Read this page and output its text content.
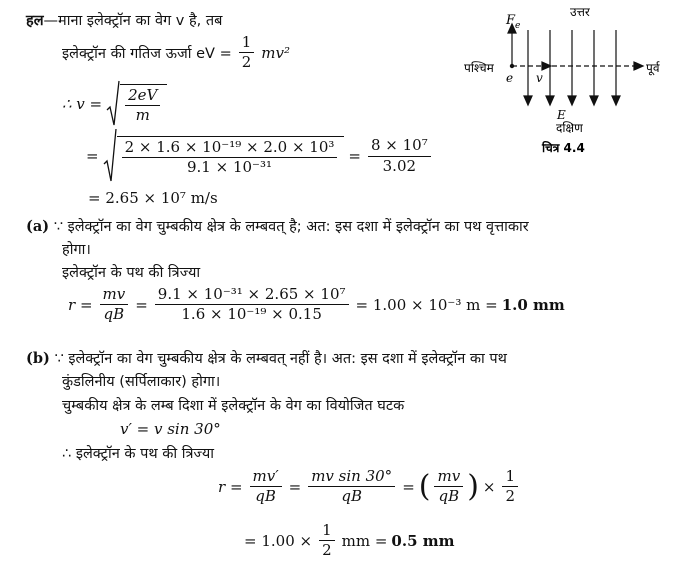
हल—माना इलेक्ट्रॉन का वेग v है, तब
इलेक्ट्रॉन की गतिज ऊर्जा eV = $\frac{1}{2} mv^2$
∴ $v = \frac{2eV}{m}$
= $\frac{\text{2 × 1.6 × 10⁻¹⁹ × 2.0 × 10³}}{\text{9.1 × 10⁻³¹}} = \frac{\text{8 × 10⁷}}{3.02}$
= 2.65 × 10⁷ m/s
उत्तर
दक्षिण
पश्चिम	पूर्व
F e
e v
E
चित्र 4.4
(a) ∵ इलेक्ट्रॉन का वेग चुम्बकीय क्षेत्र के लम्बवत् है; अत: इस दशा में इलेक्ट्रॉन का पथ वृत्ताकार
होगा।
इलेक्ट्रॉन के पथ की त्रिज्या
$r = \frac{mv}{qB} = \frac{\text{9.1 × 10⁻³¹ × 2.65 × 10⁷}}{\text{1.6 × 10⁻¹⁹ × 0.15}} = 1.00 \times 10^{-3}$ m = 1.0 mm
(b) ∵ इलेक्ट्रॉन का वेग चुम्बकीय क्षेत्र के लम्बवत् नहीं है। अत: इस दशा में इलेक्ट्रॉन का पथ
कुंडलिनीय (सर्पिलाकार) होगा।
चुम्बकीय क्षेत्र के लम्ब दिशा में इलेक्ट्रॉन के वेग का वियोजित घटक
v′ = v sin 30°
∴ इलेक्ट्रॉन के पथ की त्रिज्या
$r = \frac{mv'}{qB} = \frac{\text{mv sin 30°}}{qB}$ = ( $\frac{mv}{qB}$ ) × $\frac{1}{2}$
= $1.00 \times \frac{1}{2}$ mm = 0.5 mm
